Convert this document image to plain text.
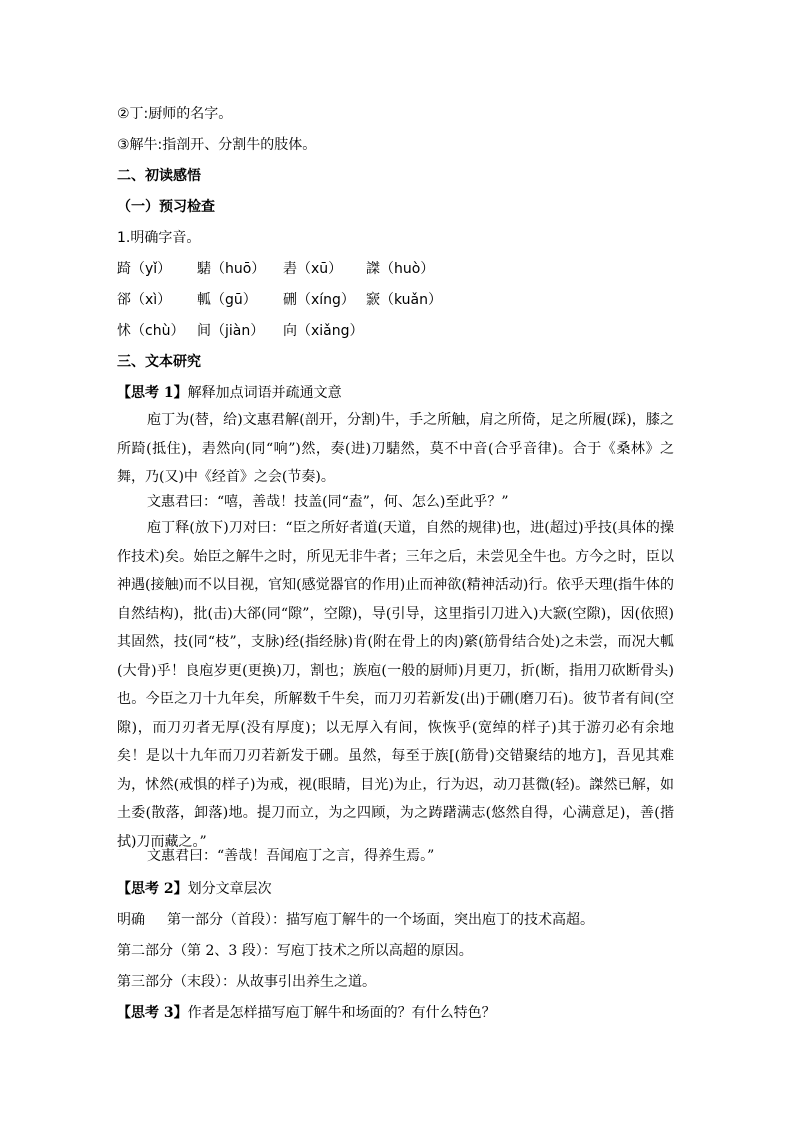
②丁:厨师的名字。
③解牛:指剖开、分割牛的肢体。
二、初读感悟
（一）预习检查
1.明确字音。
踦（yǐ） 騞（huō） 砉（xū） 謋（huò）
郤（xì） 軱（gū） 硎（xíng） 窾（kuǎn）
怵（chù） 间（jiàn） 向（xiǎng）
三、文本研究
【思考 1】解释加点词语并疏通文意
庖丁为(替，给)文惠君解(剖开，分割)牛，手之所触，肩之所倚，足之所履(踩)，膝之所踦(抵住)，砉然向(同“响”)然，奏(进)刀騞然，莫不中音(合乎音律)。合于《桑林》之舞，乃(又)中《经首》之会(节奏)。
文惠君曰：“嘻，善哉！技盖(同“盍”，何、怎么)至此乎？”
庖丁释(放下)刀对曰：“臣之所好者道(天道，自然的规律)也，进(超过)乎技(具体的操作技术)矣。始臣之解牛之时，所见无非牛者；三年之后，未尝见全牛也。方今之时，臣以神遇(接触)而不以目视，官知(感觉器官的作用)止而神欲(精神活动)行。依乎天理(指牛体的自然结构)，批(击)大郤(同“隙”，空隙)，导(引导，这里指引刀进入)大窾(空隙)，因(依照)其固然，技(同“枝”，支脉)经(指经脉)肯(附在骨上的肉)綮(筋骨结合处)之未尝，而况大軱(大骨)乎！良庖岁更(更换)刀，割也；族庖(一般的厨师)月更刀，折(断，指用刀砍断骨头)也。今臣之刀十九年矣，所解数千牛矣，而刀刃若新发(出)于硎(磨刀石)。彼节者有间(空隙)，而刀刃者无厚(没有厚度)；以无厚入有间，恢恢乎(宽绰的样子)其于游刃必有余地矣！是以十九年而刀刃若新发于硎。虽然，每至于族[(筋骨)交错聚结的地方]，吾见其难为，怵然(戒惧的样子)为戒，视(眼睛，目光)为止，行为迟，动刀甚微(轻)。謋然已解，如土委(散落，卸落)地。提刀而立，为之四顾，为之踌躇满志(悠然自得，心满意足)，善(揩拭)刀而藏之。”
文惠君曰：“善哉！吾闻庖丁之言，得养生焉。”
【思考 2】划分文章层次
明确 第一部分（首段）：描写庖丁解牛的一个场面，突出庖丁的技术高超。
第二部分（第 2、3 段）：写庖丁技术之所以高超的原因。
第三部分（末段）：从故事引出养生之道。
【思考 3】作者是怎样描写庖丁解牛和场面的？有什么特色？
